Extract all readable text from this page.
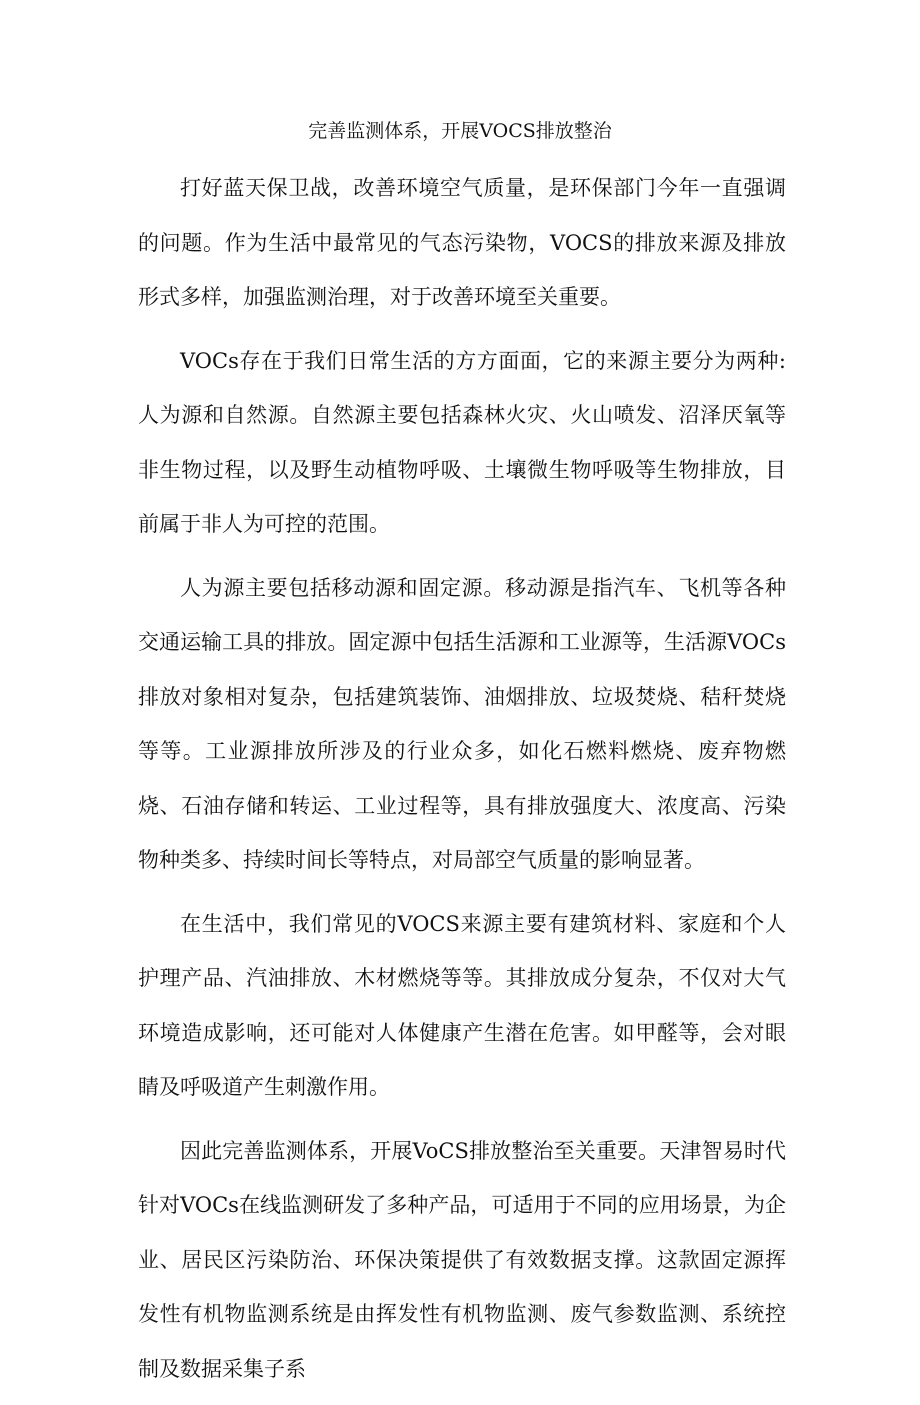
完善监测体系，开展VOCS排放整治

打好蓝天保卫战，改善环境空气质量，是环保部门今年一直强调的问题。作为生活中最常见的气态污染物，VOCS的排放来源及排放形式多样，加强监测治理，对于改善环境至关重要。

VOCs存在于我们日常生活的方方面面，它的来源主要分为两种:人为源和自然源。自然源主要包括森林火灾、火山喷发、沼泽厌氧等非生物过程，以及野生动植物呼吸、土壤微生物呼吸等生物排放，目前属于非人为可控的范围。

人为源主要包括移动源和固定源。移动源是指汽车、飞机等各种交通运输工具的排放。固定源中包括生活源和工业源等，生活源VOCs排放对象相对复杂，包括建筑装饰、油烟排放、垃圾焚烧、秸秆焚烧等等。工业源排放所涉及的行业众多，如化石燃料燃烧、废弃物燃烧、石油存储和转运、工业过程等，具有排放强度大、浓度高、污染物种类多、持续时间长等特点，对局部空气质量的影响显著。

在生活中，我们常见的VOCS来源主要有建筑材料、家庭和个人护理产品、汽油排放、木材燃烧等等。其排放成分复杂，不仅对大气环境造成影响，还可能对人体健康产生潜在危害。如甲醛等，会对眼睛及呼吸道产生刺激作用。

因此完善监测体系，开展VoCS排放整治至关重要。天津智易时代针对VOCs在线监测研发了多种产品，可适用于不同的应用场景，为企业、居民区污染防治、环保决策提供了有效数据支撑。这款固定源挥发性有机物监测系统是由挥发性有机物监测、废气参数监测、系统控制及数据采集子系
